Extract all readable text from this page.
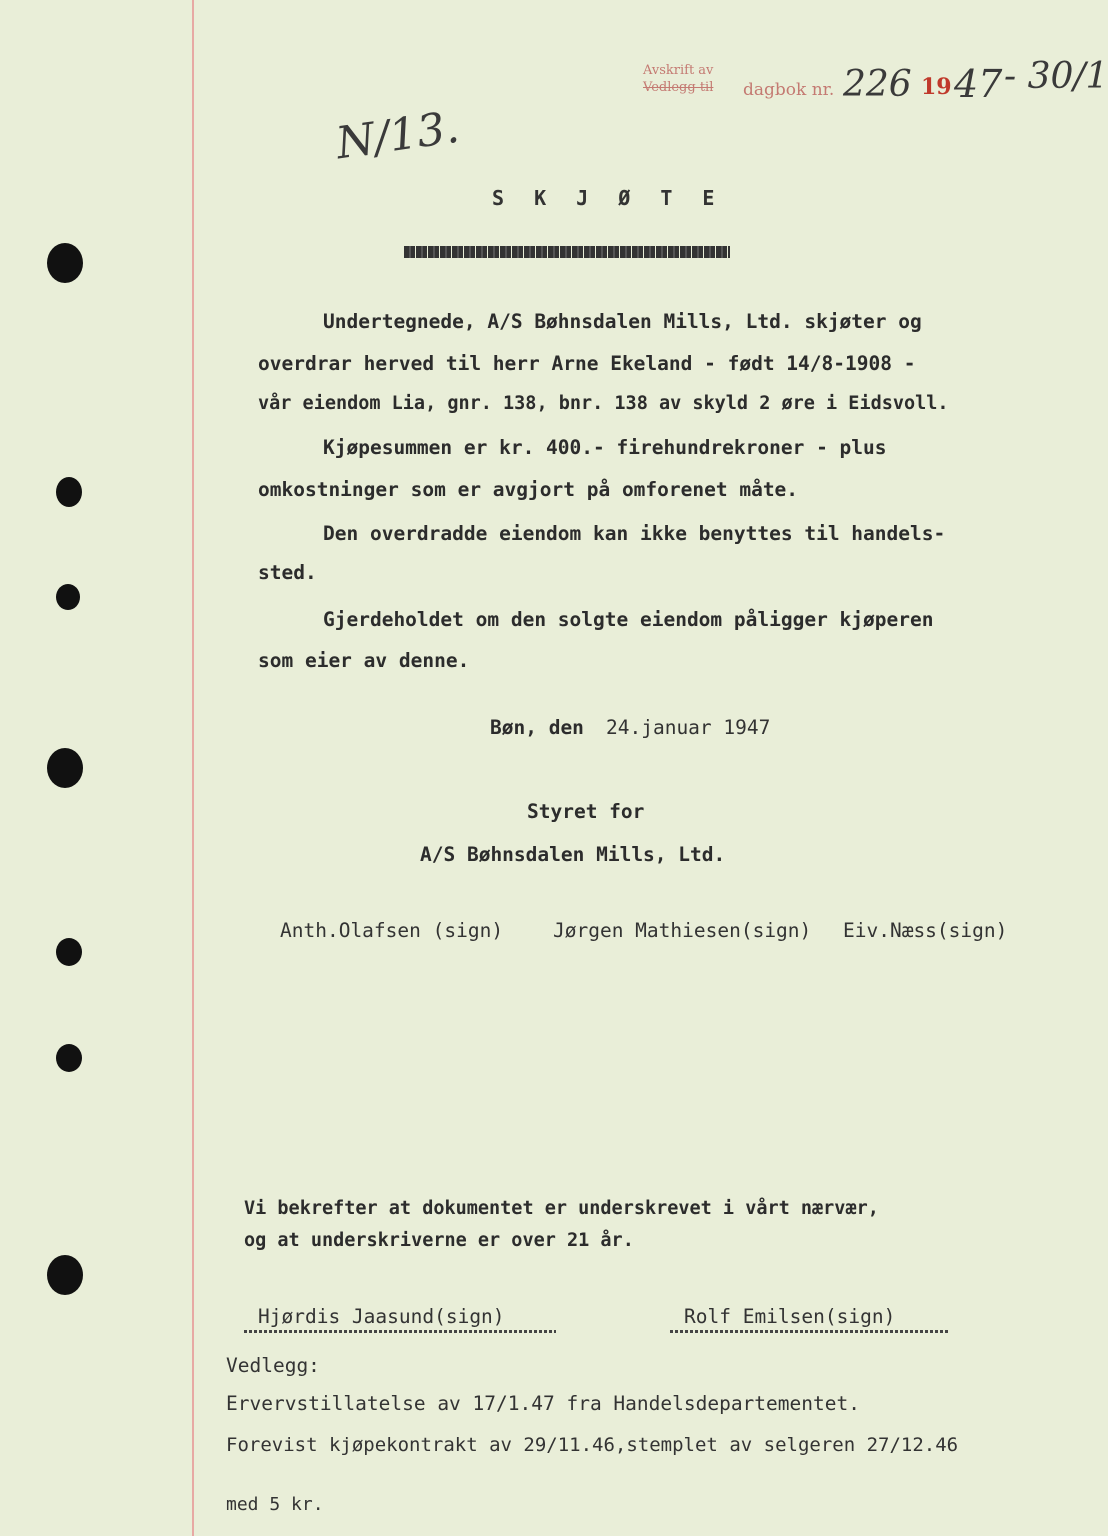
Avskrift av
Vedlegg til dagbok nr. 226 19 47 - 30/1
N/13.
S K J Ø T E
Undertegnede, A/S Bøhnsdalen Mills, Ltd. skjøter og
overdrar herved til herr Arne Ekeland - født 14/8-1908 -
vår eiendom Lia, gnr. 138, bnr. 138 av skyld 2 øre i Eidsvoll.
Kjøpesummen er kr. 400.- firehundrekroner - plus
omkostninger som er avgjort på omforenet måte.
Den overdradde eiendom kan ikke benyttes til handels-
sted.
Gjerdeholdet om den solgte eiendom påligger kjøperen
som eier av denne.
Bøn, den 24.januar 1947
Styret for
A/S Bøhnsdalen Mills, Ltd.
Anth.Olafsen (sign)	Jørgen Mathiesen(sign) Eiv.Næss(sign)
Vi bekrefter at dokumentet er underskrevet i vårt nærvær,
og at underskriverne er over 21 år.
Hjørdis Jaasund(sign)	Rolf Emilsen(sign)
Vedlegg:
Ervervstillatelse av 17/1.47 fra Handelsdepartementet.
Forevist kjøpekontrakt av 29/11.46,stemplet av selgeren 27/12.46
med 5 kr.
